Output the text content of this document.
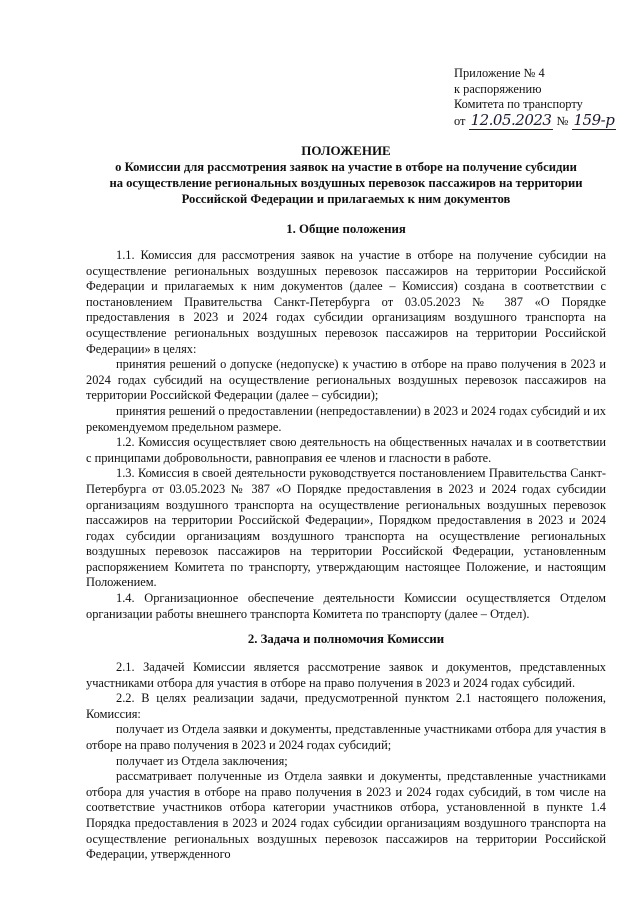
Приложение № 4
к распоряжению
Комитета по транспорту
от 12.05.2023 № 159-р
ПОЛОЖЕНИЕ
о Комиссии для рассмотрения заявок на участие в отборе на получение субсидии
на осуществление региональных воздушных перевозок пассажиров на территории
Российской Федерации и прилагаемых к ним документов
1. Общие положения

1.1. Комиссия для рассмотрения заявок на участие в отборе на получение субсидии на осуществление региональных воздушных перевозок пассажиров на территории Российской Федерации и прилагаемых к ним документов (далее – Комиссия) создана в соответствии с постановлением Правительства Санкт-Петербурга от 03.05.2023 № 387 «О Порядке предоставления в 2023 и 2024 годах субсидии организациям воздушного транспорта на осуществление региональных воздушных перевозок пассажиров на территории Российской Федерации» в целях:

принятия решений о допуске (недопуске) к участию в отборе на право получения в 2023 и 2024 годах субсидий на осуществление региональных воздушных перевозок пассажиров на территории Российской Федерации (далее – субсидии);

принятия решений о предоставлении (непредоставлении) в 2023 и 2024 годах субсидий и их рекомендуемом предельном размере.

1.2. Комиссия осуществляет свою деятельность на общественных началах и в соответствии с принципами добровольности, равноправия ее членов и гласности в работе.

1.3. Комиссия в своей деятельности руководствуется постановлением Правительства Санкт-Петербурга от 03.05.2023 № 387 «О Порядке предоставления в 2023 и 2024 годах субсидии организациям воздушного транспорта на осуществление региональных воздушных перевозок пассажиров на территории Российской Федерации», Порядком предоставления в 2023 и 2024 годах субсидии организациям воздушного транспорта на осуществление региональных воздушных перевозок пассажиров на территории Российской Федерации, установленным распоряжением Комитета по транспорту, утверждающим настоящее Положение, и настоящим Положением.

1.4. Организационное обеспечение деятельности Комиссии осуществляется Отделом организации работы внешнего транспорта Комитета по транспорту (далее – Отдел).

2. Задача и полномочия Комиссии

2.1. Задачей Комиссии является рассмотрение заявок и документов, представленных участниками отбора для участия в отборе на право получения в 2023 и 2024 годах субсидий.

2.2. В целях реализации задачи, предусмотренной пунктом 2.1 настоящего положения, Комиссия:

получает из Отдела заявки и документы, представленные участниками отбора для участия в отборе на право получения в 2023 и 2024 годах субсидий;

получает из Отдела заключения;

рассматривает полученные из Отдела заявки и документы, представленные участниками отбора для участия в отборе на право получения в 2023 и 2024 годах субсидий, в том числе на соответствие участников отбора категории участников отбора, установленной в пункте 1.4 Порядка предоставления в 2023 и 2024 годах субсидии организациям воздушного транспорта на осуществление региональных воздушных перевозок пассажиров на территории Российской Федерации, утвержденного
